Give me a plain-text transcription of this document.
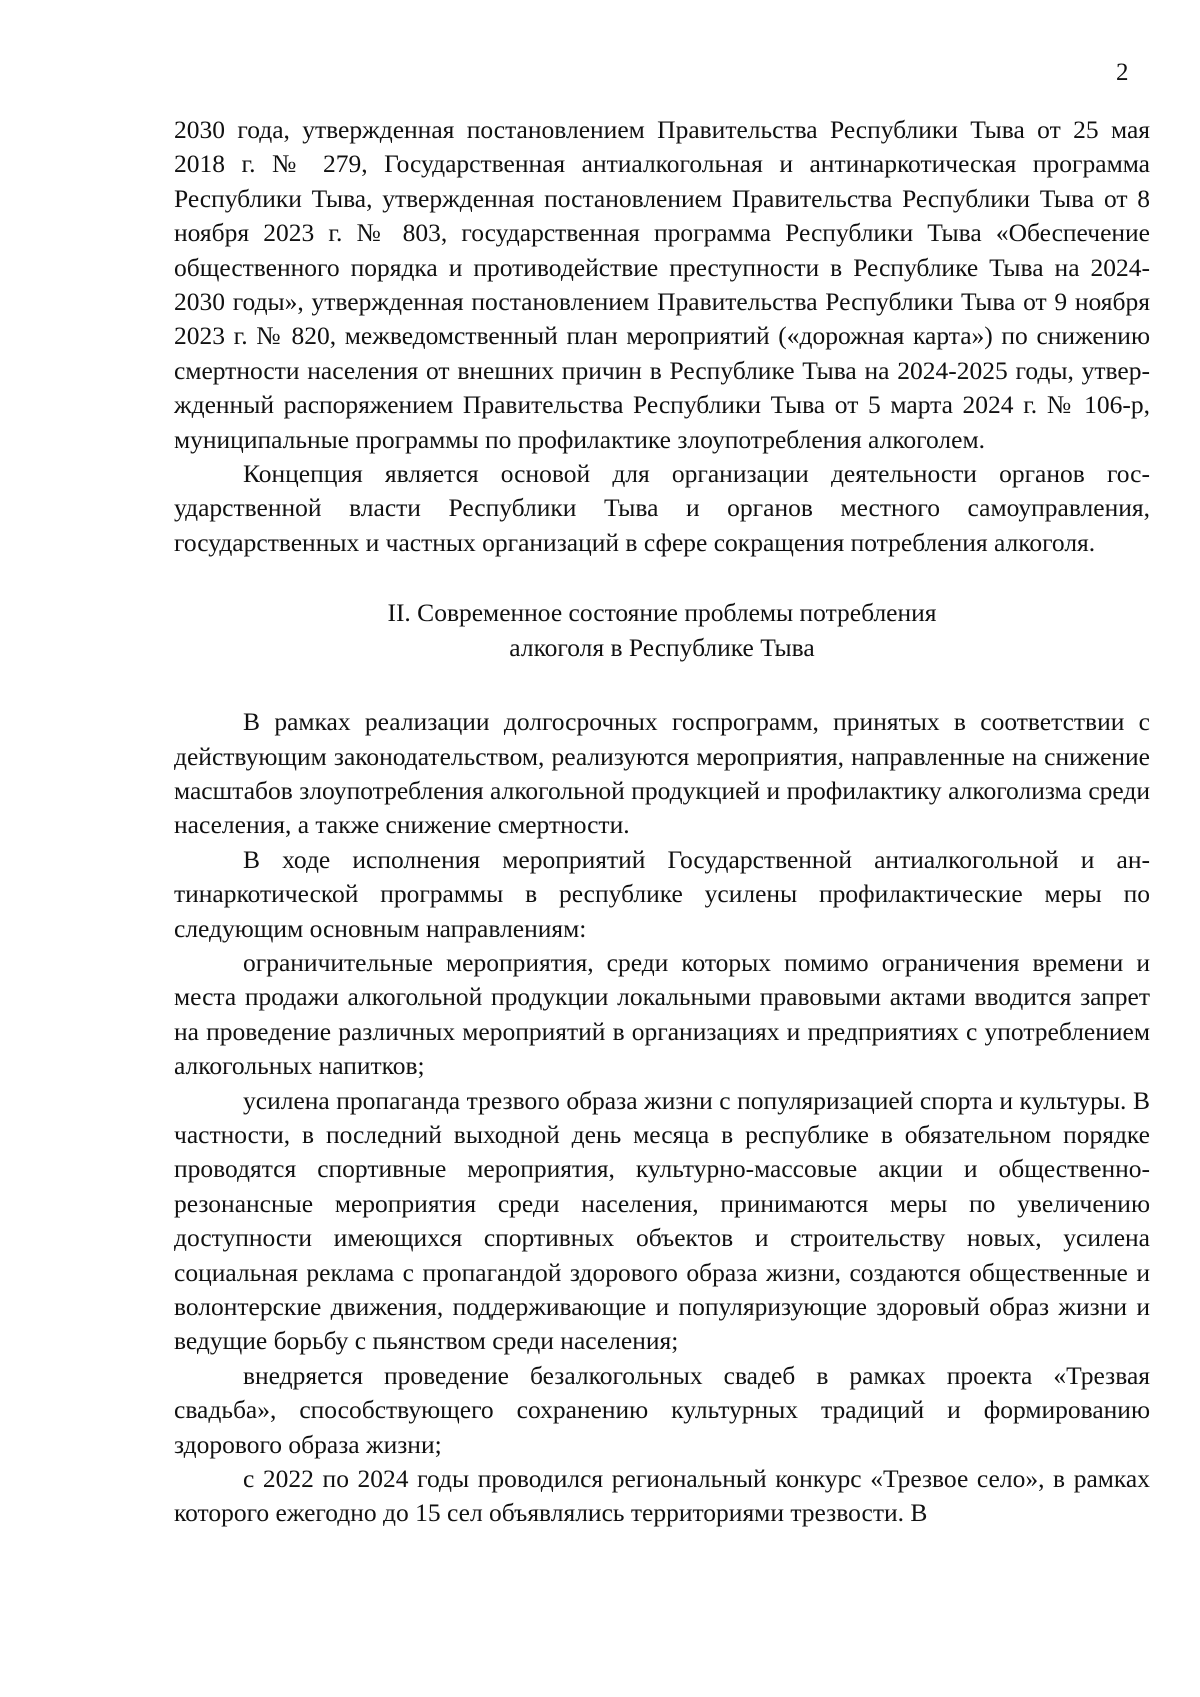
2

2030 года, утвержденная постановлением Правительства Республики Тыва от 25 мая 2018 г. № 279, Государственная антиалкогольная и антинаркотическая программа Республики Тыва, утвержденная постановлением Правительства Республики Тыва от 8 ноября 2023 г. № 803, государственная программа Республики Тыва «Обеспечение общественного порядка и противодействие преступности в Республике Тыва на 2024-2030 годы», утвержденная постановлением Правительства Республики Тыва от 9 ноября 2023 г. № 820, межведомственный план мероприятий («дорожная карта») по снижению смертности населения от внешних причин в Республике Тыва на 2024-2025 годы, утвержденный распоряжением Правительства Республики Тыва от 5 марта 2024 г. № 106-р, муниципальные программы по профилактике злоупотребления алкоголем.

Концепция является основой для организации деятельности органов государственной власти Республики Тыва и органов местного самоуправления, государственных и частных организаций в сфере сокращения потребления алкоголя.

II. Современное состояние проблемы потребления
алкоголя в Республике Тыва

В рамках реализации долгосрочных госпрограмм, принятых в соответствии с действующим законодательством, реализуются мероприятия, направленные на снижение масштабов злоупотребления алкогольной продукцией и профилактику алкоголизма среди населения, а также снижение смертности.

В ходе исполнения мероприятий Государственной антиалкогольной и антинаркотической программы в республике усилены профилактические меры по следующим основным направлениям:

ограничительные мероприятия, среди которых помимо ограничения времени и места продажи алкогольной продукции локальными правовыми актами вводится запрет на проведение различных мероприятий в организациях и предприятиях с употреблением алкогольных напитков;

усилена пропаганда трезвого образа жизни с популяризацией спорта и культуры. В частности, в последний выходной день месяца в республике в обязательном порядке проводятся спортивные мероприятия, культурно-массовые акции и общественно-резонансные мероприятия среди населения, принимаются меры по увеличению доступности имеющихся спортивных объектов и строительству новых, усилена социальная реклама с пропагандой здорового образа жизни, создаются общественные и волонтерские движения, поддерживающие и популяризующие здоровый образ жизни и ведущие борьбу с пьянством среди населения;

внедряется проведение безалкогольных свадеб в рамках проекта «Трезвая свадьба», способствующего сохранению культурных традиций и формированию здорового образа жизни;

с 2022 по 2024 годы проводился региональный конкурс «Трезвое село», в рамках которого ежегодно до 15 сел объявлялись территориями трезвости. В
